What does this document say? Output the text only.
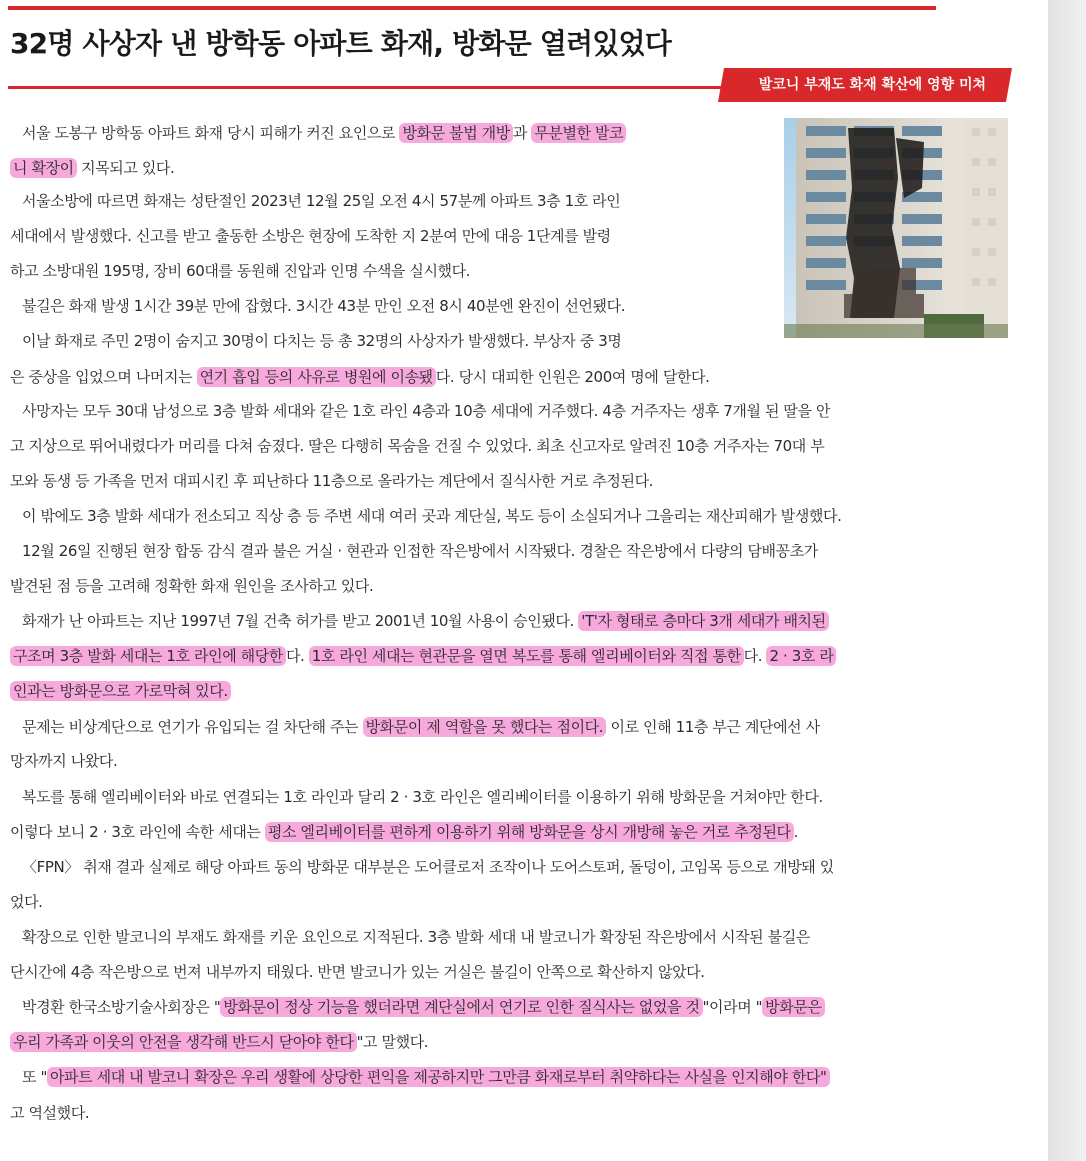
32명 사상자 낸 방학동 아파트 화재, 방화문 열려있었다
발코니 부재도 화재 확산에 영향 미쳐
서울 도봉구 방학동 아파트 화재 당시 피해가 커진 요인으로 방화문 불법 개방 과 무분별한 발코
니 확장이 지목되고 있다.
서울소방에 따르면 화재는 성탄절인 2023년 12월 25일 오전 4시 57분께 아파트 3층 1호 라인
세대에서 발생했다. 신고를 받고 출동한 소방은 현장에 도착한 지 2분여 만에 대응 1단계를 발령
하고 소방대원 195명, 장비 60대를 동원해 진압과 인명 수색을 실시했다.
불길은 화재 발생 1시간 39분 만에 잡혔다. 3시간 43분 만인 오전 8시 40분엔 완진이 선언됐다.
이날 화재로 주민 2명이 숨지고 30명이 다치는 등 총 32명의 사상자가 발생했다. 부상자 중 3명
은 중상을 입었으며 나머지는 연기 흡입 등의 사유로 병원에 이송됐 다. 당시 대피한 인원은 200여 명에 달한다.
사망자는 모두 30대 남성으로 3층 발화 세대와 같은 1호 라인 4층과 10층 세대에 거주했다. 4층 거주자는 생후 7개월 된 딸을 안
고 지상으로 뛰어내렸다가 머리를 다쳐 숨졌다. 딸은 다행히 목숨을 건질 수 있었다. 최초 신고자로 알려진 10층 거주자는 70대 부
모와 동생 등 가족을 먼저 대피시킨 후 피난하다 11층으로 올라가는 계단에서 질식사한 거로 추정된다.
이 밖에도 3층 발화 세대가 전소되고 직상 층 등 주변 세대 여러 곳과 계단실, 복도 등이 소실되거나 그을리는 재산피해가 발생했다.
12월 26일 진행된 현장 합동 감식 결과 불은 거실 · 현관과 인접한 작은방에서 시작됐다. 경찰은 작은방에서 다량의 담배꽁초가
발견된 점 등을 고려해 정확한 화재 원인을 조사하고 있다.
화재가 난 아파트는 지난 1997년 7월 건축 허가를 받고 2001년 10월 사용이 승인됐다. 'T'자 형태로 층마다 3개 세대가 배치된
구조며 3층 발화 세대는 1호 라인에 해당한 다. 1호 라인 세대는 현관문을 열면 복도를 통해 엘리베이터와 직접 통한 다. 2 · 3호 라
인과는 방화문으로 가로막혀 있다.
문제는 비상계단으로 연기가 유입되는 걸 차단해 주는 방화문이 제 역할을 못 했다는 점이다. 이로 인해 11층 부근 계단에선 사
망자까지 나왔다.
복도를 통해 엘리베이터와 바로 연결되는 1호 라인과 달리 2 · 3호 라인은 엘리베이터를 이용하기 위해 방화문을 거쳐야만 한다.
이렇다 보니 2 · 3호 라인에 속한 세대는 평소 엘리베이터를 편하게 이용하기 위해 방화문을 상시 개방해 놓은 거로 추정된다 .
〈FPN〉 취재 결과 실제로 해당 아파트 동의 방화문 대부분은 도어클로저 조작이나 도어스토퍼, 돌덩이, 고임목 등으로 개방돼 있
었다.
확장으로 인한 발코니의 부재도 화재를 키운 요인으로 지적된다. 3층 발화 세대 내 발코니가 확장된 작은방에서 시작된 불길은
단시간에 4층 작은방으로 번져 내부까지 태웠다. 반면 발코니가 있는 거실은 불길이 안쪽으로 확산하지 않았다.
박경환 한국소방기술사회장은 " 방화문이 정상 기능을 했더라면 계단실에서 연기로 인한 질식사는 없었을 것 "이라며 " 방화문은
우리 가족과 이웃의 안전을 생각해 반드시 닫아야 한다 "고 말했다.
또 " 아파트 세대 내 발코니 확장은 우리 생활에 상당한 편익을 제공하지만 그만큼 화재로부터 취약하다는 사실을 인지해야 한다"
고 역설했다.
